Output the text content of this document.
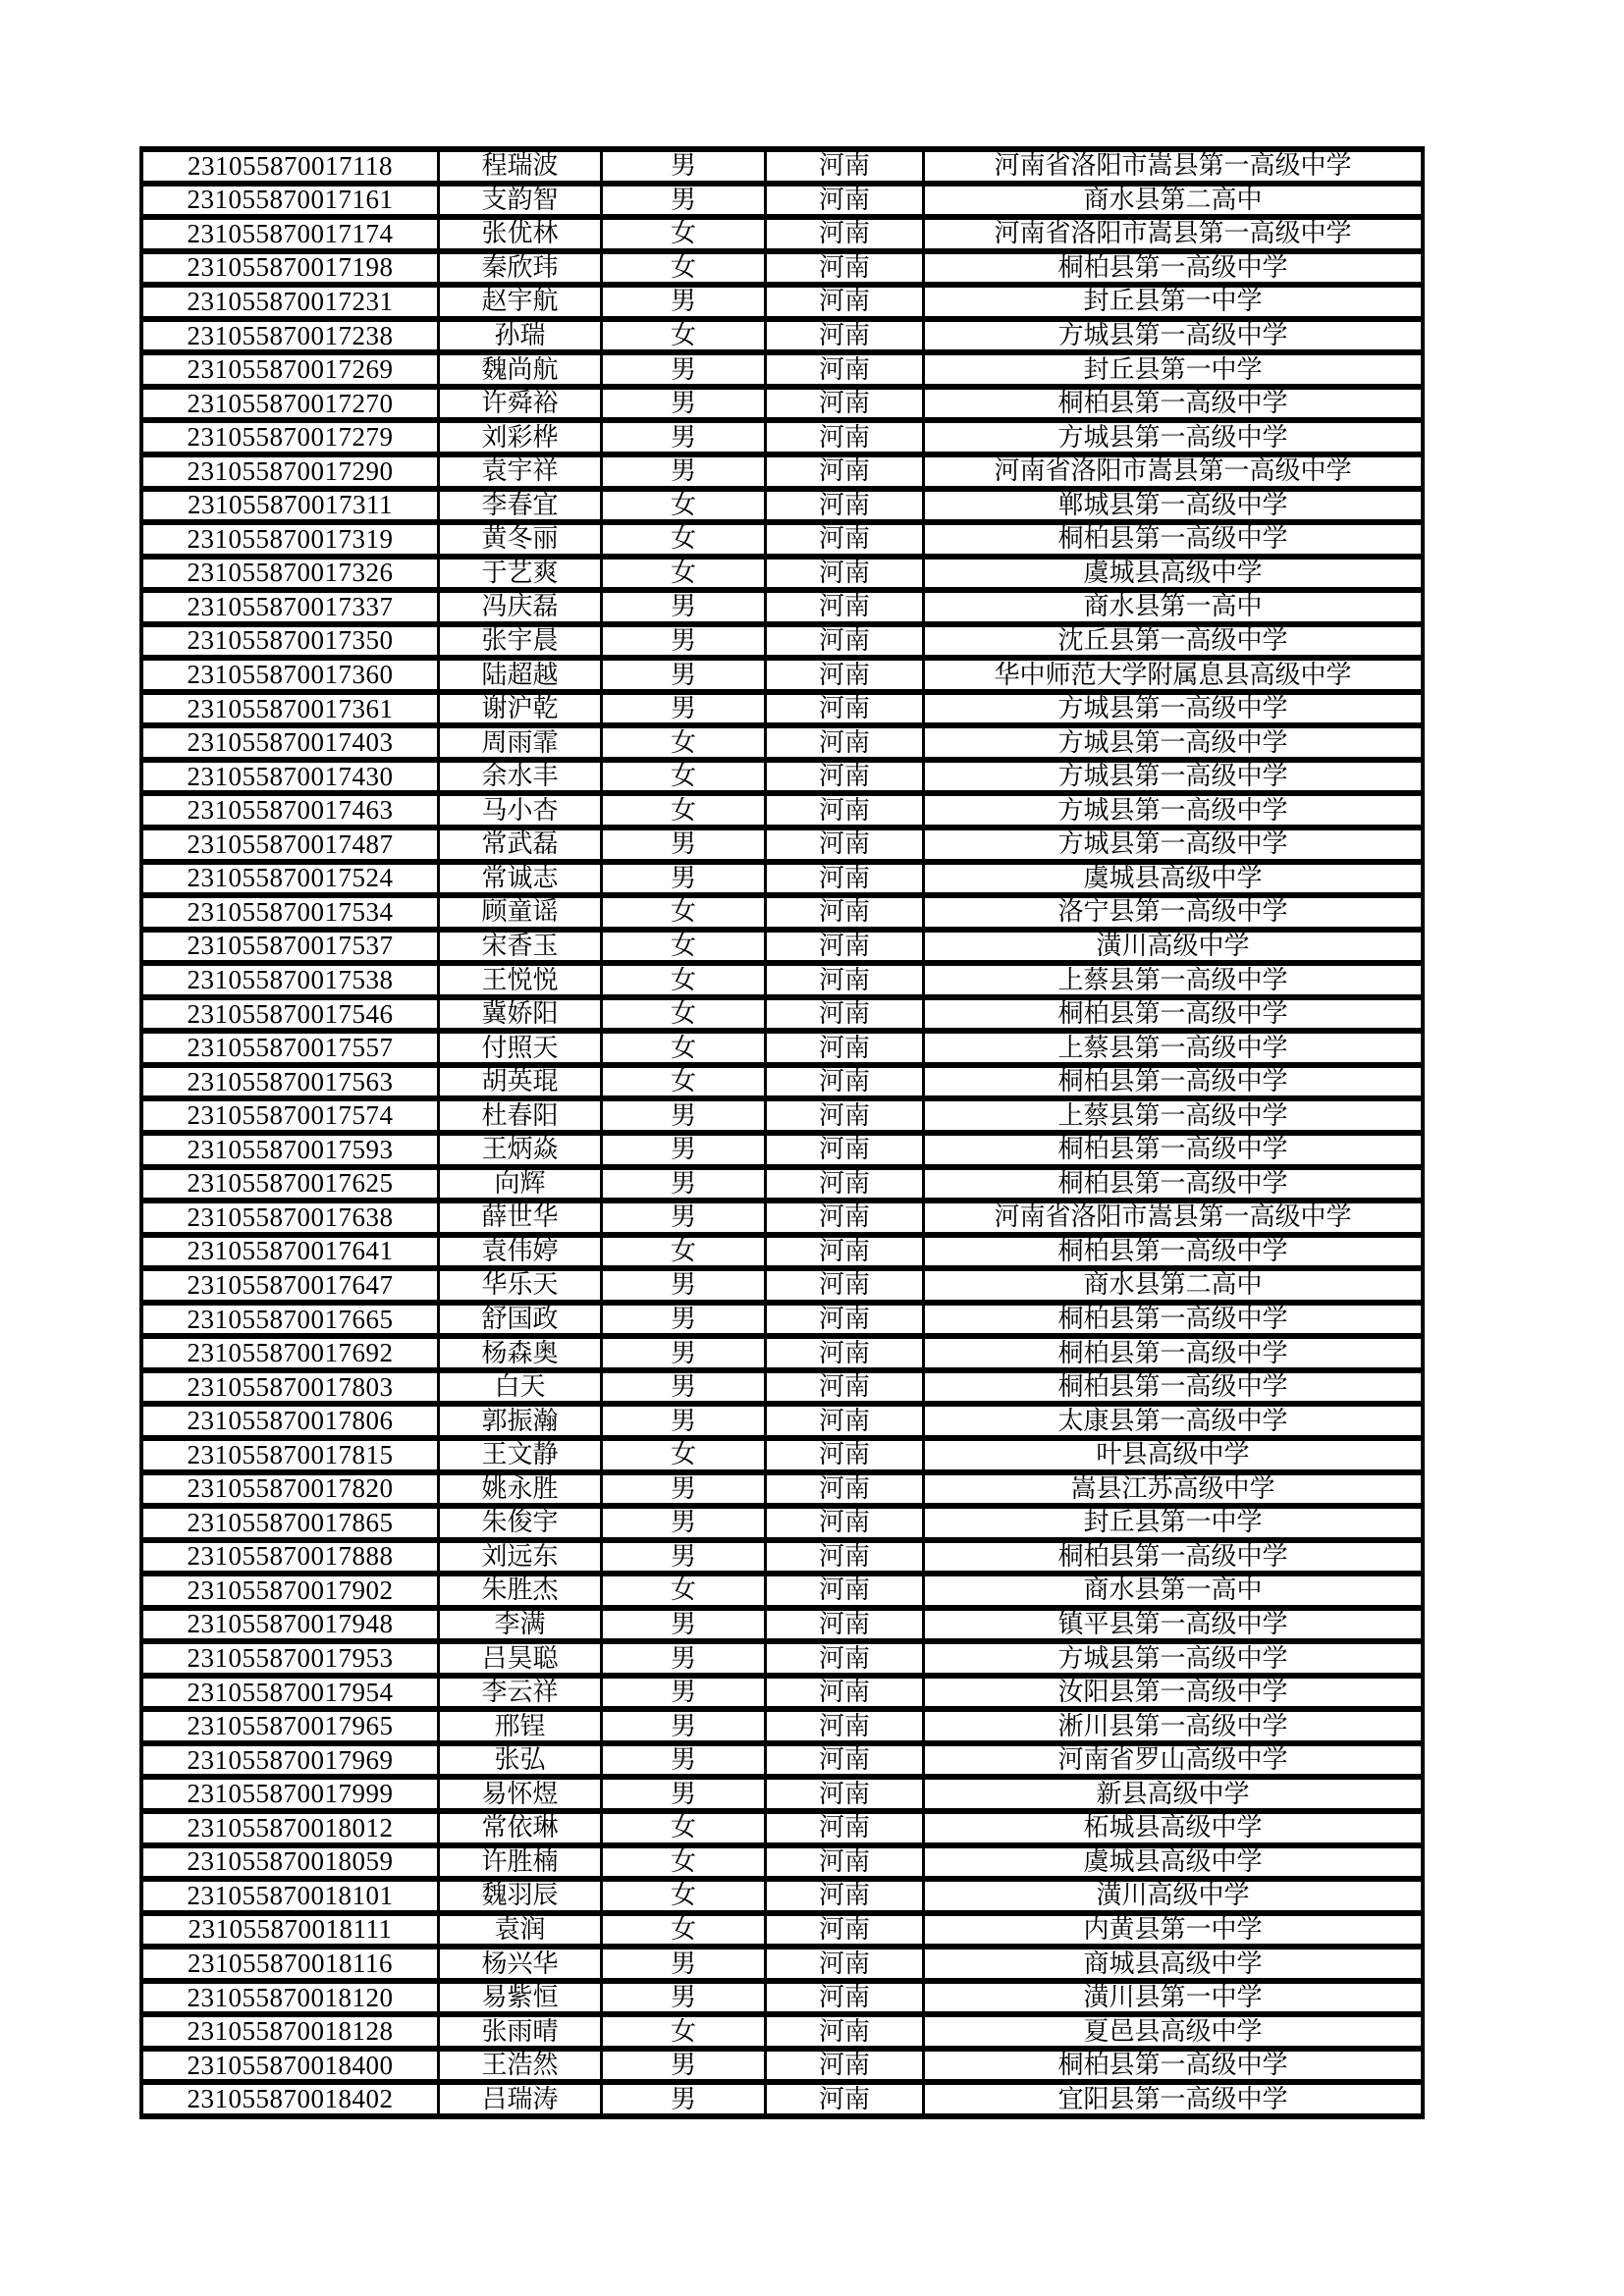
231055870017118	程瑞波	男	河南	河南省洛阳市嵩县第一高级中学
231055870017161	支韵智	男	河南	商水县第二高中
231055870017174	张优林	女	河南	河南省洛阳市嵩县第一高级中学
231055870017198	秦欣玮	女	河南	桐柏县第一高级中学
231055870017231	赵宇航	男	河南	封丘县第一中学
231055870017238	孙瑞	女	河南	方城县第一高级中学
231055870017269	魏尚航	男	河南	封丘县第一中学
231055870017270	许舜裕	男	河南	桐柏县第一高级中学
231055870017279	刘彩桦	男	河南	方城县第一高级中学
231055870017290	袁宇祥	男	河南	河南省洛阳市嵩县第一高级中学
231055870017311	李春宜	女	河南	郸城县第一高级中学
231055870017319	黄冬丽	女	河南	桐柏县第一高级中学
231055870017326	于艺爽	女	河南	虞城县高级中学
231055870017337	冯庆磊	男	河南	商水县第一高中
231055870017350	张宇晨	男	河南	沈丘县第一高级中学
231055870017360	陆超越	男	河南	华中师范大学附属息县高级中学
231055870017361	谢沪乾	男	河南	方城县第一高级中学
231055870017403	周雨霏	女	河南	方城县第一高级中学
231055870017430	余水丰	女	河南	方城县第一高级中学
231055870017463	马小杏	女	河南	方城县第一高级中学
231055870017487	常武磊	男	河南	方城县第一高级中学
231055870017524	常诚志	男	河南	虞城县高级中学
231055870017534	顾童谣	女	河南	洛宁县第一高级中学
231055870017537	宋香玉	女	河南	潢川高级中学
231055870017538	王悦悦	女	河南	上蔡县第一高级中学
231055870017546	冀娇阳	女	河南	桐柏县第一高级中学
231055870017557	付照天	女	河南	上蔡县第一高级中学
231055870017563	胡英琨	女	河南	桐柏县第一高级中学
231055870017574	杜春阳	男	河南	上蔡县第一高级中学
231055870017593	王炳焱	男	河南	桐柏县第一高级中学
231055870017625	向辉	男	河南	桐柏县第一高级中学
231055870017638	薛世华	男	河南	河南省洛阳市嵩县第一高级中学
231055870017641	袁伟婷	女	河南	桐柏县第一高级中学
231055870017647	华乐天	男	河南	商水县第二高中
231055870017665	舒国政	男	河南	桐柏县第一高级中学
231055870017692	杨森奥	男	河南	桐柏县第一高级中学
231055870017803	白天	男	河南	桐柏县第一高级中学
231055870017806	郭振瀚	男	河南	太康县第一高级中学
231055870017815	王文静	女	河南	叶县高级中学
231055870017820	姚永胜	男	河南	嵩县江苏高级中学
231055870017865	朱俊宇	男	河南	封丘县第一中学
231055870017888	刘远东	男	河南	桐柏县第一高级中学
231055870017902	朱胜杰	女	河南	商水县第一高中
231055870017948	李满	男	河南	镇平县第一高级中学
231055870017953	吕昊聪	男	河南	方城县第一高级中学
231055870017954	李云祥	男	河南	汝阳县第一高级中学
231055870017965	邢锃	男	河南	淅川县第一高级中学
231055870017969	张弘	男	河南	河南省罗山高级中学
231055870017999	易怀煜	男	河南	新县高级中学
231055870018012	常依琳	女	河南	柘城县高级中学
231055870018059	许胜楠	女	河南	虞城县高级中学
231055870018101	魏羽辰	女	河南	潢川高级中学
231055870018111	袁润	女	河南	内黄县第一中学
231055870018116	杨兴华	男	河南	商城县高级中学
231055870018120	易紫恒	男	河南	潢川县第一中学
231055870018128	张雨晴	女	河南	夏邑县高级中学
231055870018400	王浩然	男	河南	桐柏县第一高级中学
231055870018402	吕瑞涛	男	河南	宜阳县第一高级中学
